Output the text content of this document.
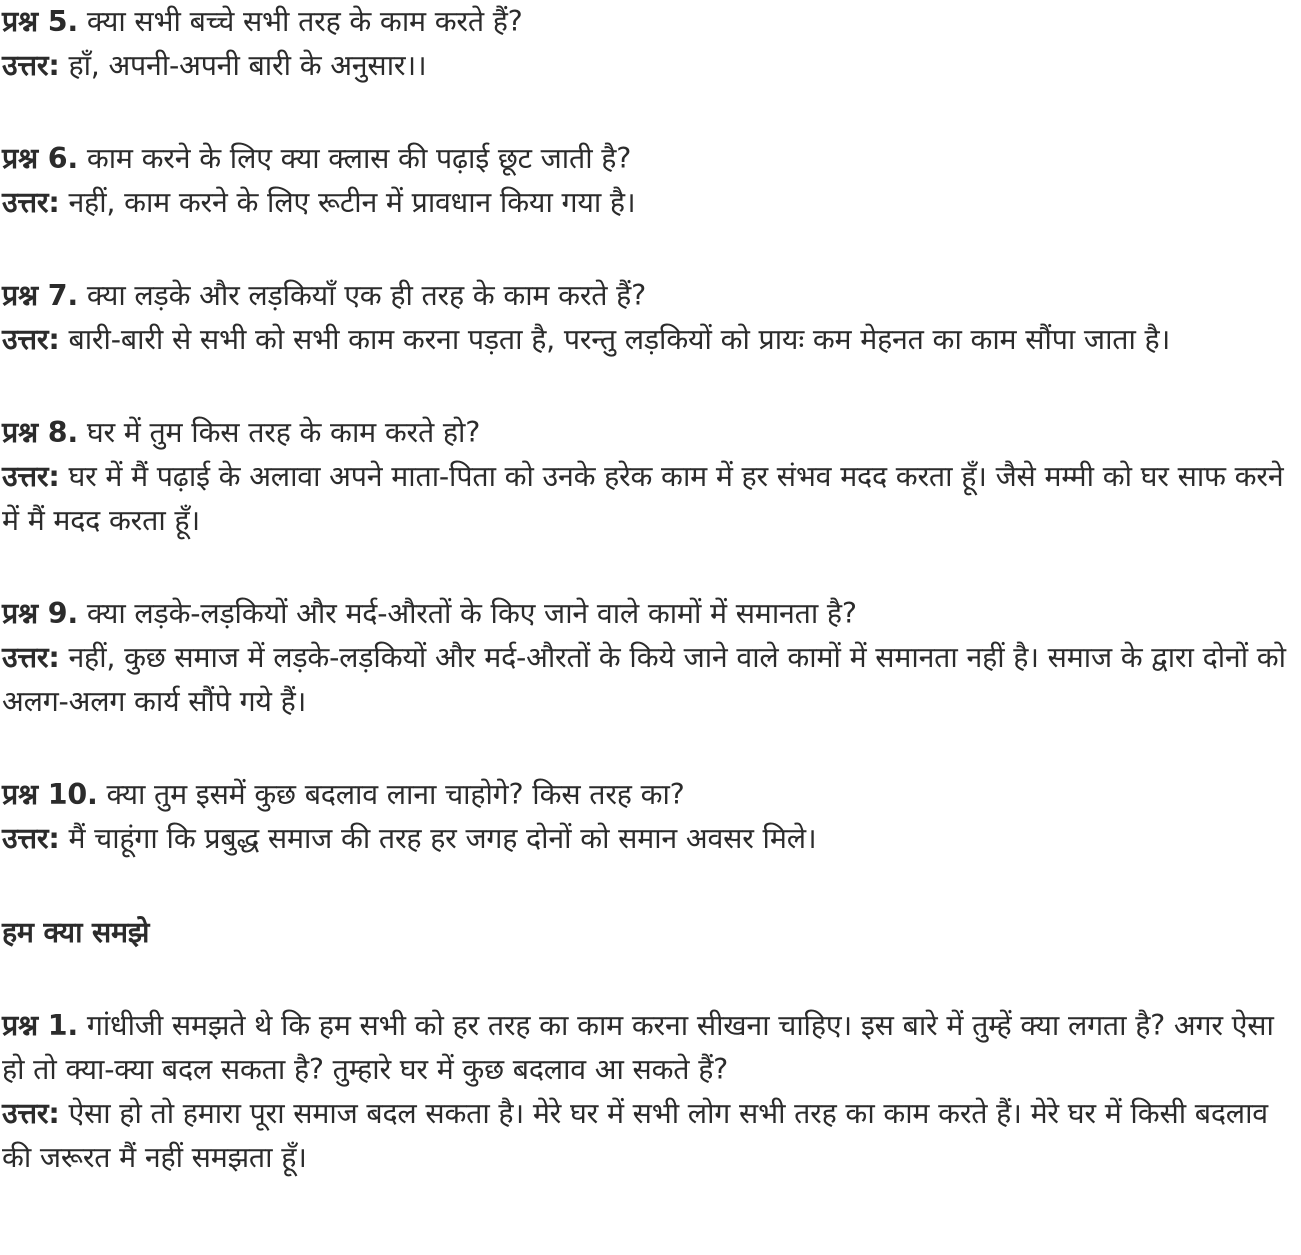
प्रश्न 5. क्या सभी बच्चे सभी तरह के काम करते हैं?

उत्तर: हाँ, अपनी-अपनी बारी के अनुसार।।

प्रश्न 6. काम करने के लिए क्या क्लास की पढ़ाई छूट जाती है?

उत्तर: नहीं, काम करने के लिए रूटीन में प्रावधान किया गया है।

प्रश्न 7. क्या लड़के और लड़कियाँ एक ही तरह के काम करते हैं?

उत्तर: बारी-बारी से सभी को सभी काम करना पड़ता है, परन्तु लड़कियों को प्रायः कम मेहनत का काम सौंपा जाता है।

प्रश्न 8. घर में तुम किस तरह के काम करते हो?

उत्तर: घर में मैं पढ़ाई के अलावा अपने माता-पिता को उनके हरेक काम में हर संभव मदद करता हूँ। जैसे मम्मी को घर साफ करने में मैं मदद करता हूँ।

प्रश्न 9. क्या लड़के-लड़कियों और मर्द-औरतों के किए जाने वाले कामों में समानता है?

उत्तर: नहीं, कुछ समाज में लड़के-लड़कियों और मर्द-औरतों के किये जाने वाले कामों में समानता नहीं है। समाज के द्वारा दोनों को अलग-अलग कार्य सौंपे गये हैं।

प्रश्न 10. क्या तुम इसमें कुछ बदलाव लाना चाहोगे? किस तरह का?

उत्तर: मैं चाहूंगा कि प्रबुद्ध समाज की तरह हर जगह दोनों को समान अवसर मिले।

हम क्या समझे

प्रश्न 1. गांधीजी समझते थे कि हम सभी को हर तरह का काम करना सीखना चाहिए। इस बारे में तुम्हें क्या लगता है? अगर ऐसा हो तो क्या-क्या बदल सकता है? तुम्हारे घर में कुछ बदलाव आ सकते हैं?

उत्तर: ऐसा हो तो हमारा पूरा समाज बदल सकता है। मेरे घर में सभी लोग सभी तरह का काम करते हैं। मेरे घर में किसी बदलाव की जरूरत मैं नहीं समझता हूँ।
